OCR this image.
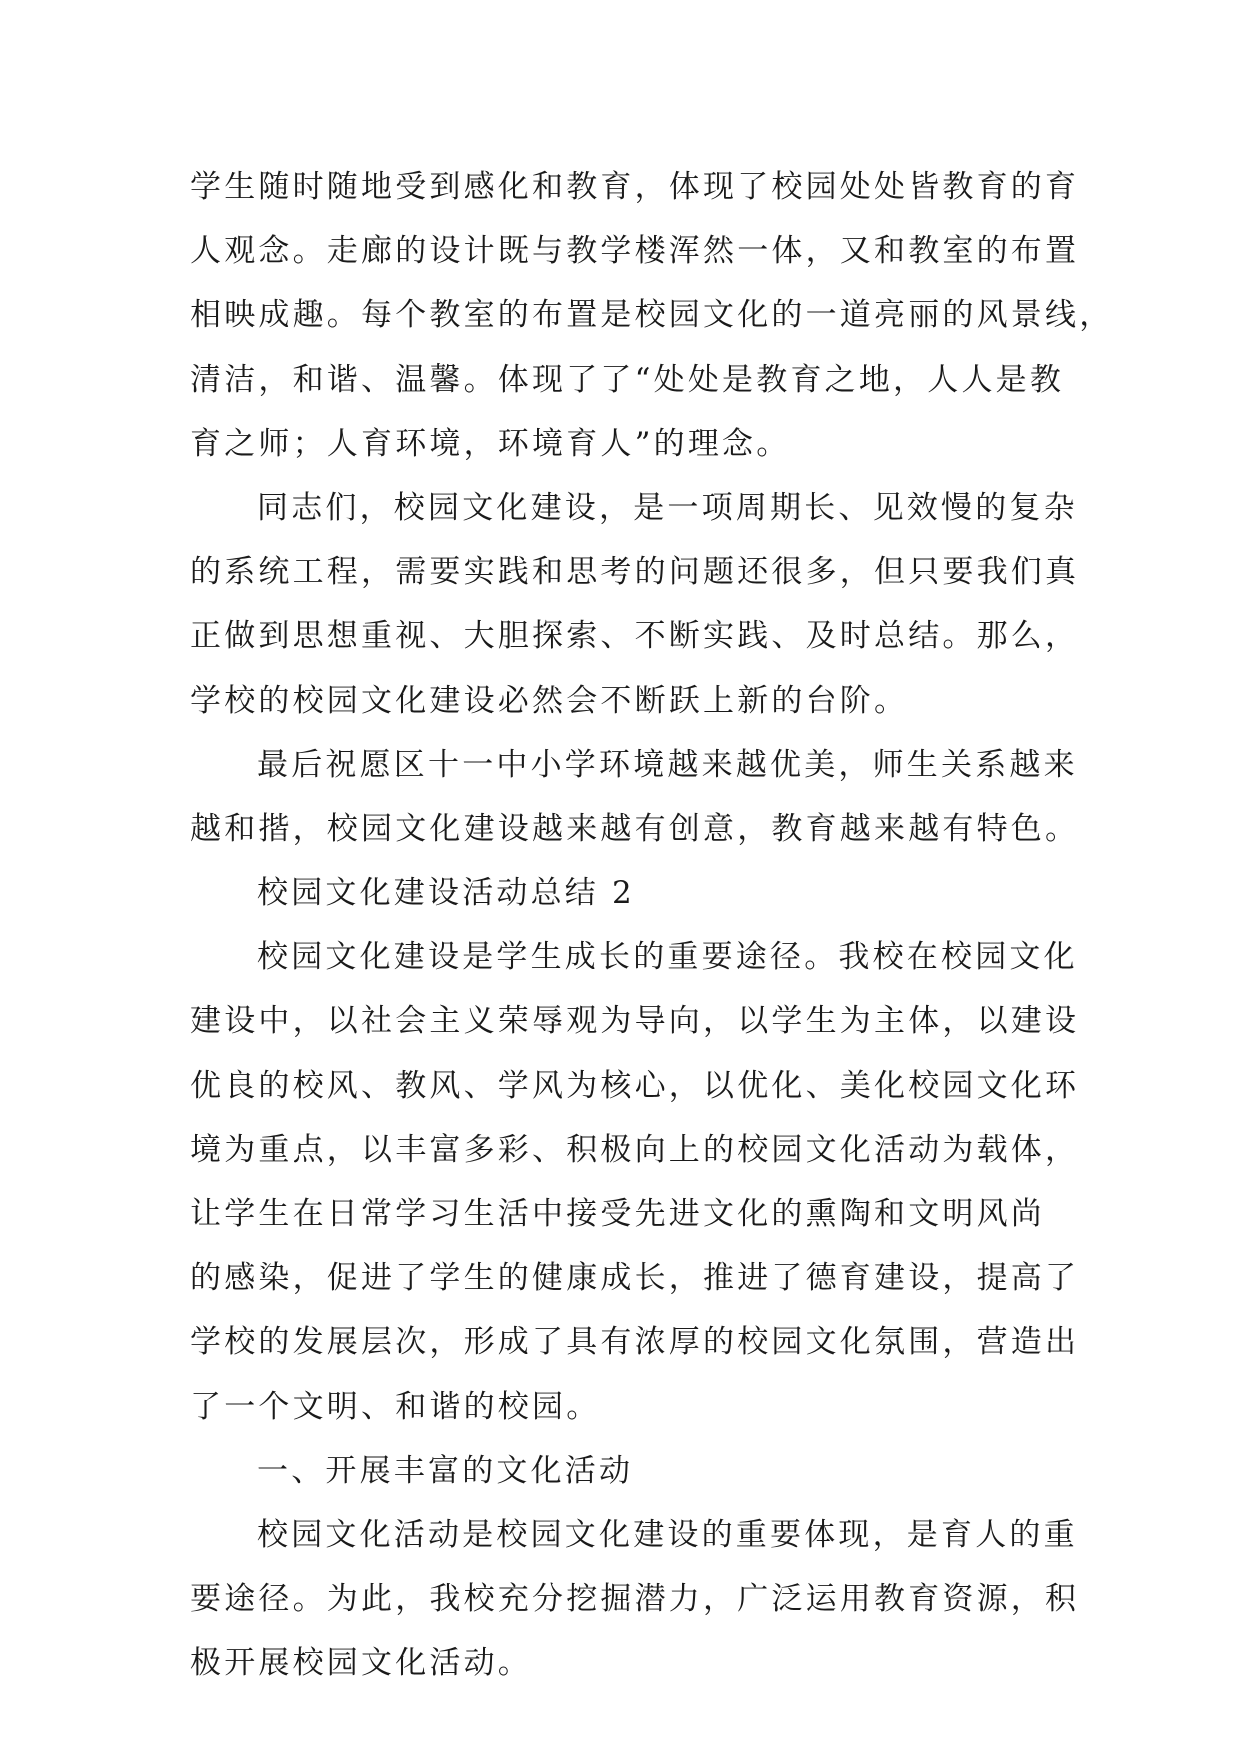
学生随时随地受到感化和教育，体现了校园处处皆教育的育
人观念。走廊的设计既与教学楼浑然一体，又和教室的布置
相映成趣。每个教室的布置是校园文化的一道亮丽的风景线，
清洁，和谐、温馨。体现了了“处处是教育之地，人人是教
育之师；人育环境，环境育人”的理念。
同志们，校园文化建设，是一项周期长、见效慢的复杂
的系统工程，需要实践和思考的问题还很多，但只要我们真
正做到思想重视、大胆探索、不断实践、及时总结。那么，
学校的校园文化建设必然会不断跃上新的台阶。
最后祝愿区十一中小学环境越来越优美，师生关系越来
越和揩，校园文化建设越来越有创意，教育越来越有特色。
校园文化建设活动总结 2
校园文化建设是学生成长的重要途径。我校在校园文化
建设中，以社会主义荣辱观为导向，以学生为主体，以建设
优良的校风、教风、学风为核心，以优化、美化校园文化环
境为重点，以丰富多彩、积极向上的校园文化活动为载体，
让学生在日常学习生活中接受先进文化的熏陶和文明风尚
的感染，促进了学生的健康成长，推进了德育建设，提高了
学校的发展层次，形成了具有浓厚的校园文化氛围，营造出
了一个文明、和谐的校园。
一、开展丰富的文化活动
校园文化活动是校园文化建设的重要体现，是育人的重
要途径。为此，我校充分挖掘潜力，广泛运用教育资源，积
极开展校园文化活动。
